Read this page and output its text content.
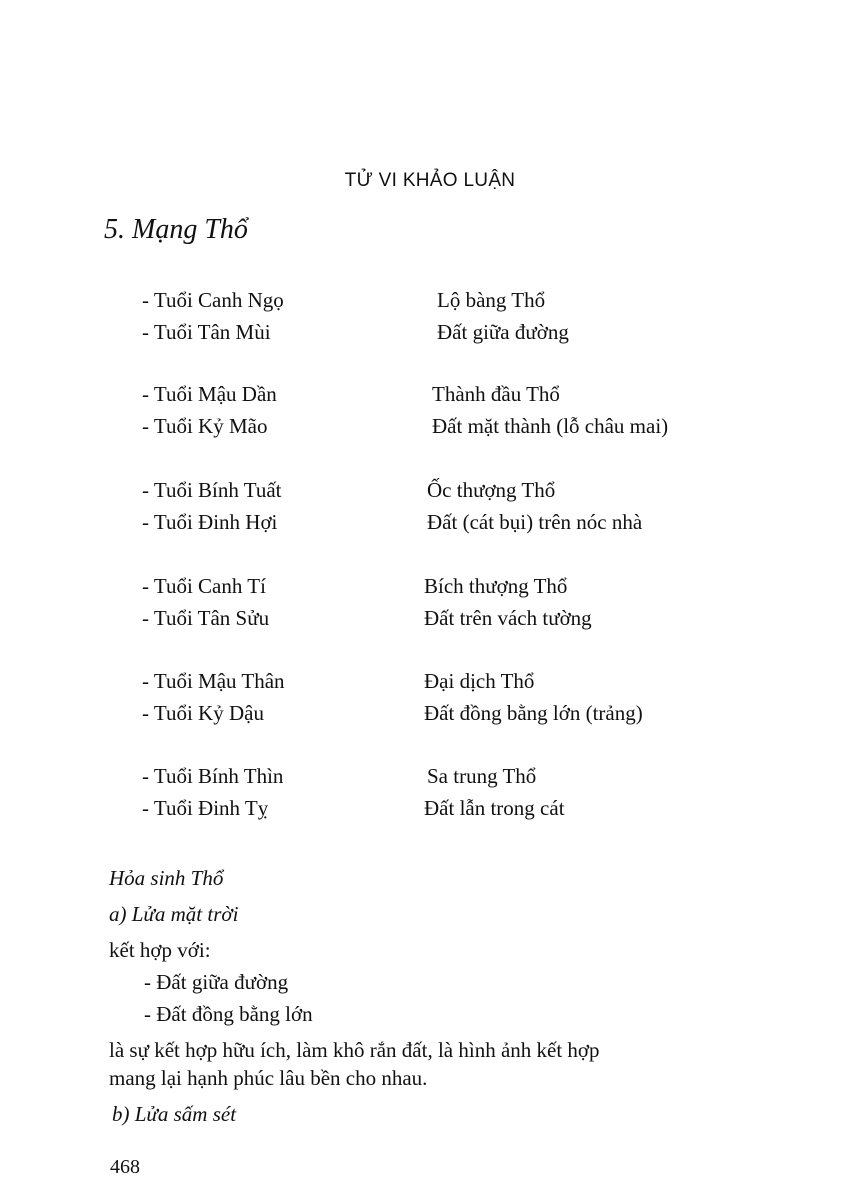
TỬ VI KHẢO LUẬN
5. Mạng Thổ
- Tuổi Canh Ngọ	Lộ bàng Thổ
- Tuổi Tân Mùi	Đất giữa đường
- Tuổi Mậu Dần	Thành đầu Thổ
- Tuổi Kỷ Mão	Đất mặt thành (lỗ châu mai)
- Tuổi Bính Tuất	Ốc thượng Thổ
- Tuổi Đinh Hợi	Đất (cát bụi) trên nóc nhà
- Tuổi Canh Tí	Bích thượng Thổ
- Tuổi Tân Sửu	Đất trên vách tường
- Tuổi Mậu Thân	Đại dịch Thổ
- Tuổi Kỷ Dậu	Đất đồng bằng lớn (trảng)
- Tuổi Bính Thìn	Sa trung Thổ
- Tuổi Đinh Tỵ	Đất lẫn trong cát
Hỏa sinh Thổ
a) Lửa mặt trời
kết hợp với:
- Đất giữa đường
- Đất đồng bằng lớn
là sự kết hợp hữu ích, làm khô rắn đất, là hình ảnh kết hợp
mang lại hạnh phúc lâu bền cho nhau.
b) Lửa sấm sét
468
